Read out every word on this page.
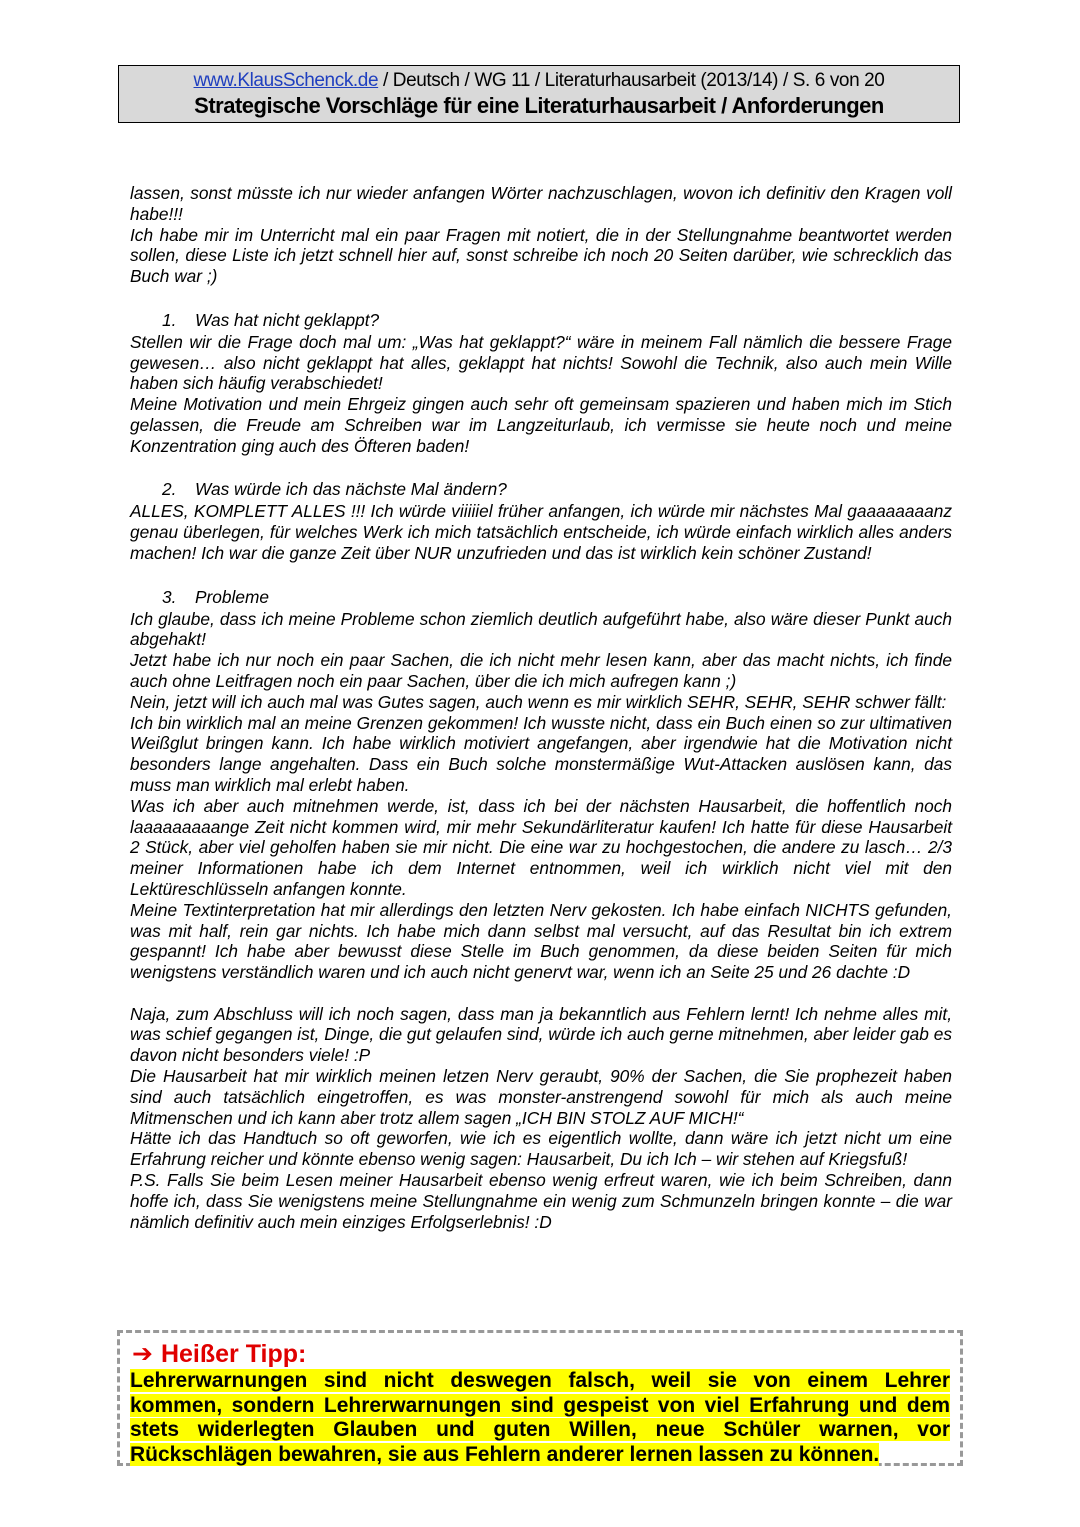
www.KlausSchenck.de / Deutsch / WG 11 / Literaturhausarbeit (2013/14) / S. 6 von 20
Strategische Vorschläge für eine Literaturhausarbeit / Anforderungen

lassen, sonst müsste ich nur wieder anfangen Wörter nachzuschlagen, wovon ich definitiv den Kragen voll habe!!!

Ich habe mir im Unterricht mal ein paar Fragen mit notiert, die in der Stellungnahme beantwortet werden sollen, diese Liste ich jetzt schnell hier auf, sonst schreibe ich noch 20 Seiten darüber, wie schrecklich das Buch war ;)

1. Was hat nicht geklappt?

Stellen wir die Frage doch mal um: „Was hat geklappt?“ wäre in meinem Fall nämlich die bessere Frage gewesen… also nicht geklappt hat alles, geklappt hat nichts! Sowohl die Technik, also auch mein Wille haben sich häufig verabschiedet!

Meine Motivation und mein Ehrgeiz gingen auch sehr oft gemeinsam spazieren und haben mich im Stich gelassen, die Freude am Schreiben war im Langzeiturlaub, ich vermisse sie heute noch und meine Konzentration ging auch des Öfteren baden!

2. Was würde ich das nächste Mal ändern?

ALLES, KOMPLETT ALLES !!! Ich würde viiiiiel früher anfangen, ich würde mir nächstes Mal gaaaaaaaanz genau überlegen, für welches Werk ich mich tatsächlich entscheide, ich würde einfach wirklich alles anders machen! Ich war die ganze Zeit über NUR unzufrieden und das ist wirklich kein schöner Zustand!

3. Probleme

Ich glaube, dass ich meine Probleme schon ziemlich deutlich aufgeführt habe, also wäre dieser Punkt auch abgehakt!

Jetzt habe ich nur noch ein paar Sachen, die ich nicht mehr lesen kann, aber das macht nichts, ich finde auch ohne Leitfragen noch ein paar Sachen, über die ich mich aufregen kann ;)

Nein, jetzt will ich auch mal was Gutes sagen, auch wenn es mir wirklich SEHR, SEHR, SEHR schwer fällt:

Ich bin wirklich mal an meine Grenzen gekommen! Ich wusste nicht, dass ein Buch einen so zur ultimativen Weißglut bringen kann. Ich habe wirklich motiviert angefangen, aber irgendwie hat die Motivation nicht besonders lange angehalten. Dass ein Buch solche monstermäßige Wut-Attacken auslösen kann, das muss man wirklich mal erlebt haben.

Was ich aber auch mitnehmen werde, ist, dass ich bei der nächsten Hausarbeit, die hoffentlich noch laaaaaaaaange Zeit nicht kommen wird, mir mehr Sekundärliteratur kaufen! Ich hatte für diese Hausarbeit 2 Stück, aber viel geholfen haben sie mir nicht. Die eine war zu hochgestochen, die andere zu lasch… 2/3 meiner Informationen habe ich dem Internet entnommen, weil ich wirklich nicht viel mit den Lektüreschlüsseln anfangen konnte.

Meine Textinterpretation hat mir allerdings den letzten Nerv gekosten. Ich habe einfach NICHTS gefunden, was mit half, rein gar nichts. Ich habe mich dann selbst mal versucht, auf das Resultat bin ich extrem gespannt! Ich habe aber bewusst diese Stelle im Buch genommen, da diese beiden Seiten für mich wenigstens verständlich waren und ich auch nicht genervt war, wenn ich an Seite 25 und 26 dachte :D

Naja, zum Abschluss will ich noch sagen, dass man ja bekanntlich aus Fehlern lernt! Ich nehme alles mit, was schief gegangen ist, Dinge, die gut gelaufen sind, würde ich auch gerne mitnehmen, aber leider gab es davon nicht besonders viele! :P

Die Hausarbeit hat mir wirklich meinen letzen Nerv geraubt, 90% der Sachen, die Sie prophezeit haben sind auch tatsächlich eingetroffen, es was monster-anstrengend sowohl für mich als auch meine Mitmenschen und ich kann aber trotz allem sagen „ICH BIN STOLZ AUF MICH!“

Hätte ich das Handtuch so oft geworfen, wie ich es eigentlich wollte, dann wäre ich jetzt nicht um eine Erfahrung reicher und könnte ebenso wenig sagen: Hausarbeit, Du ich Ich – wir stehen auf Kriegsfuß!

P.S. Falls Sie beim Lesen meiner Hausarbeit ebenso wenig erfreut waren, wie ich beim Schreiben, dann hoffe ich, dass Sie wenigstens meine Stellungnahme ein wenig zum Schmunzeln bringen konnte – die war nämlich definitiv auch mein einziges Erfolgserlebnis! :D

➔ Heißer Tipp:

Lehrerwarnungen sind nicht deswegen falsch, weil sie von einem Lehrer kommen, sondern Lehrerwarnungen sind gespeist von viel Erfahrung und dem stets widerlegten Glauben und guten Willen, neue Schüler warnen, vor Rückschlägen bewahren, sie aus Fehlern anderer lernen lassen zu können.
